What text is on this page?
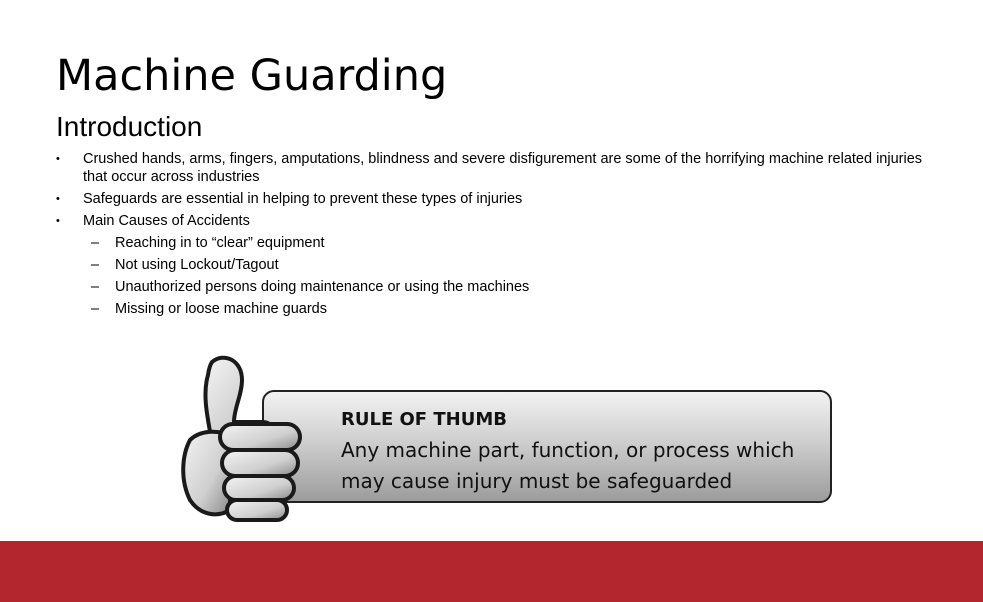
Machine Guarding
Introduction
• Crushed hands, arms, fingers, amputations, blindness and severe disfigurement are some of the horrifying machine related injuries that occur across industries
• Safeguards are essential in helping to prevent these types of injuries
• Main Causes of Accidents
– Reaching in to “clear” equipment
– Not using Lockout/Tagout
– Unauthorized persons doing maintenance or using the machines
– Missing or loose machine guards

RULE OF THUMB

Any machine part, function, or process which may cause injury must be safeguarded
